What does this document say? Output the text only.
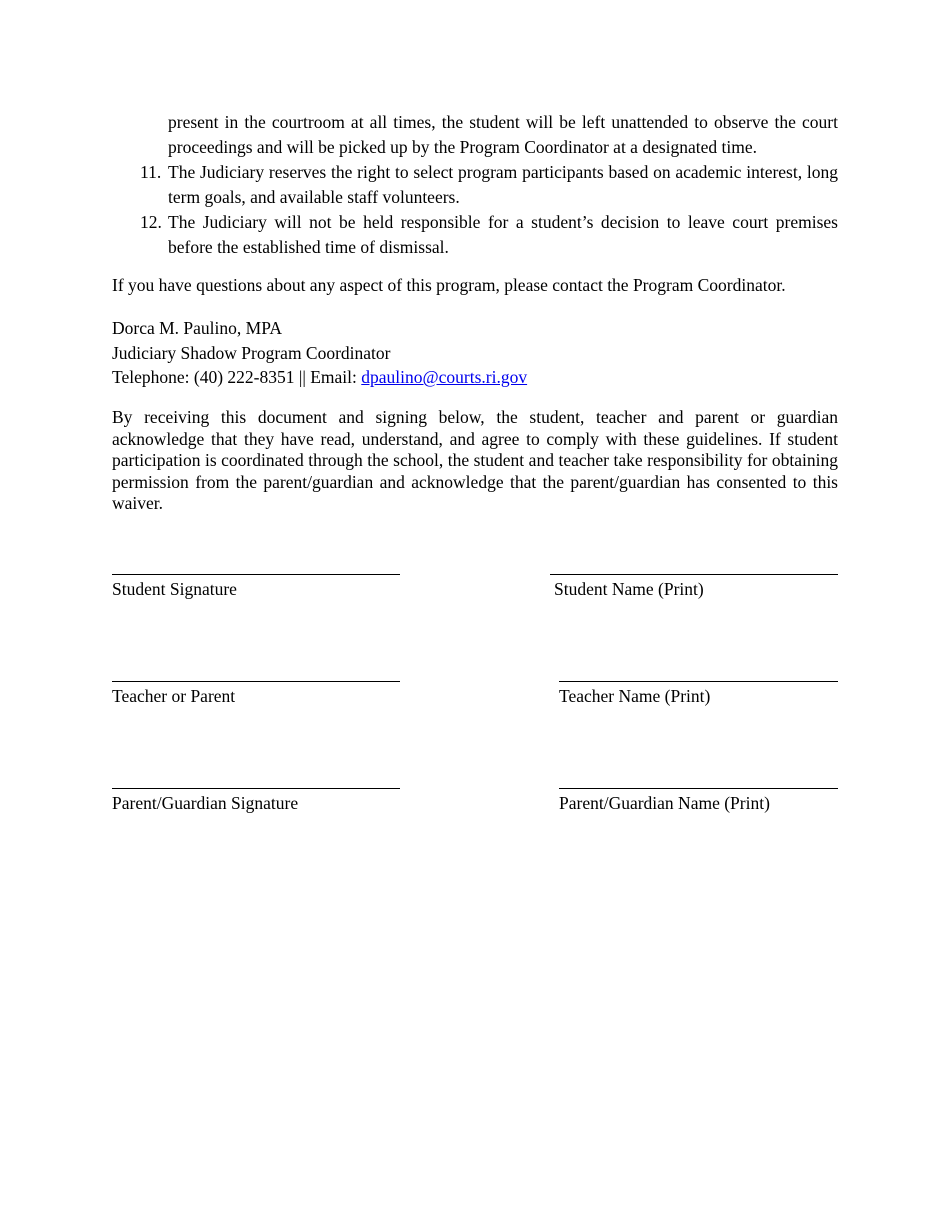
present in the courtroom at all times, the student will be left unattended to observe the court proceedings and will be picked up by the Program Coordinator at a designated time.
11. The Judiciary reserves the right to select program participants based on academic interest, long term goals, and available staff volunteers.
12. The Judiciary will not be held responsible for a student’s decision to leave court premises before the established time of dismissal.
If you have questions about any aspect of this program, please contact the Program Coordinator.
Dorca M. Paulino, MPA
Judiciary Shadow Program Coordinator
Telephone: (40) 222-8351 || Email: dpaulino@courts.ri.gov
By receiving this document and signing below, the student, teacher and parent or guardian acknowledge that they have read, understand, and agree to comply with these guidelines. If student participation is coordinated through the school, the student and teacher take responsibility for obtaining permission from the parent/guardian and acknowledge that the parent/guardian has consented to this waiver.
Student Signature	Student Name (Print)
Teacher or Parent	Teacher Name (Print)
Parent/Guardian Signature	Parent/Guardian Name (Print)
